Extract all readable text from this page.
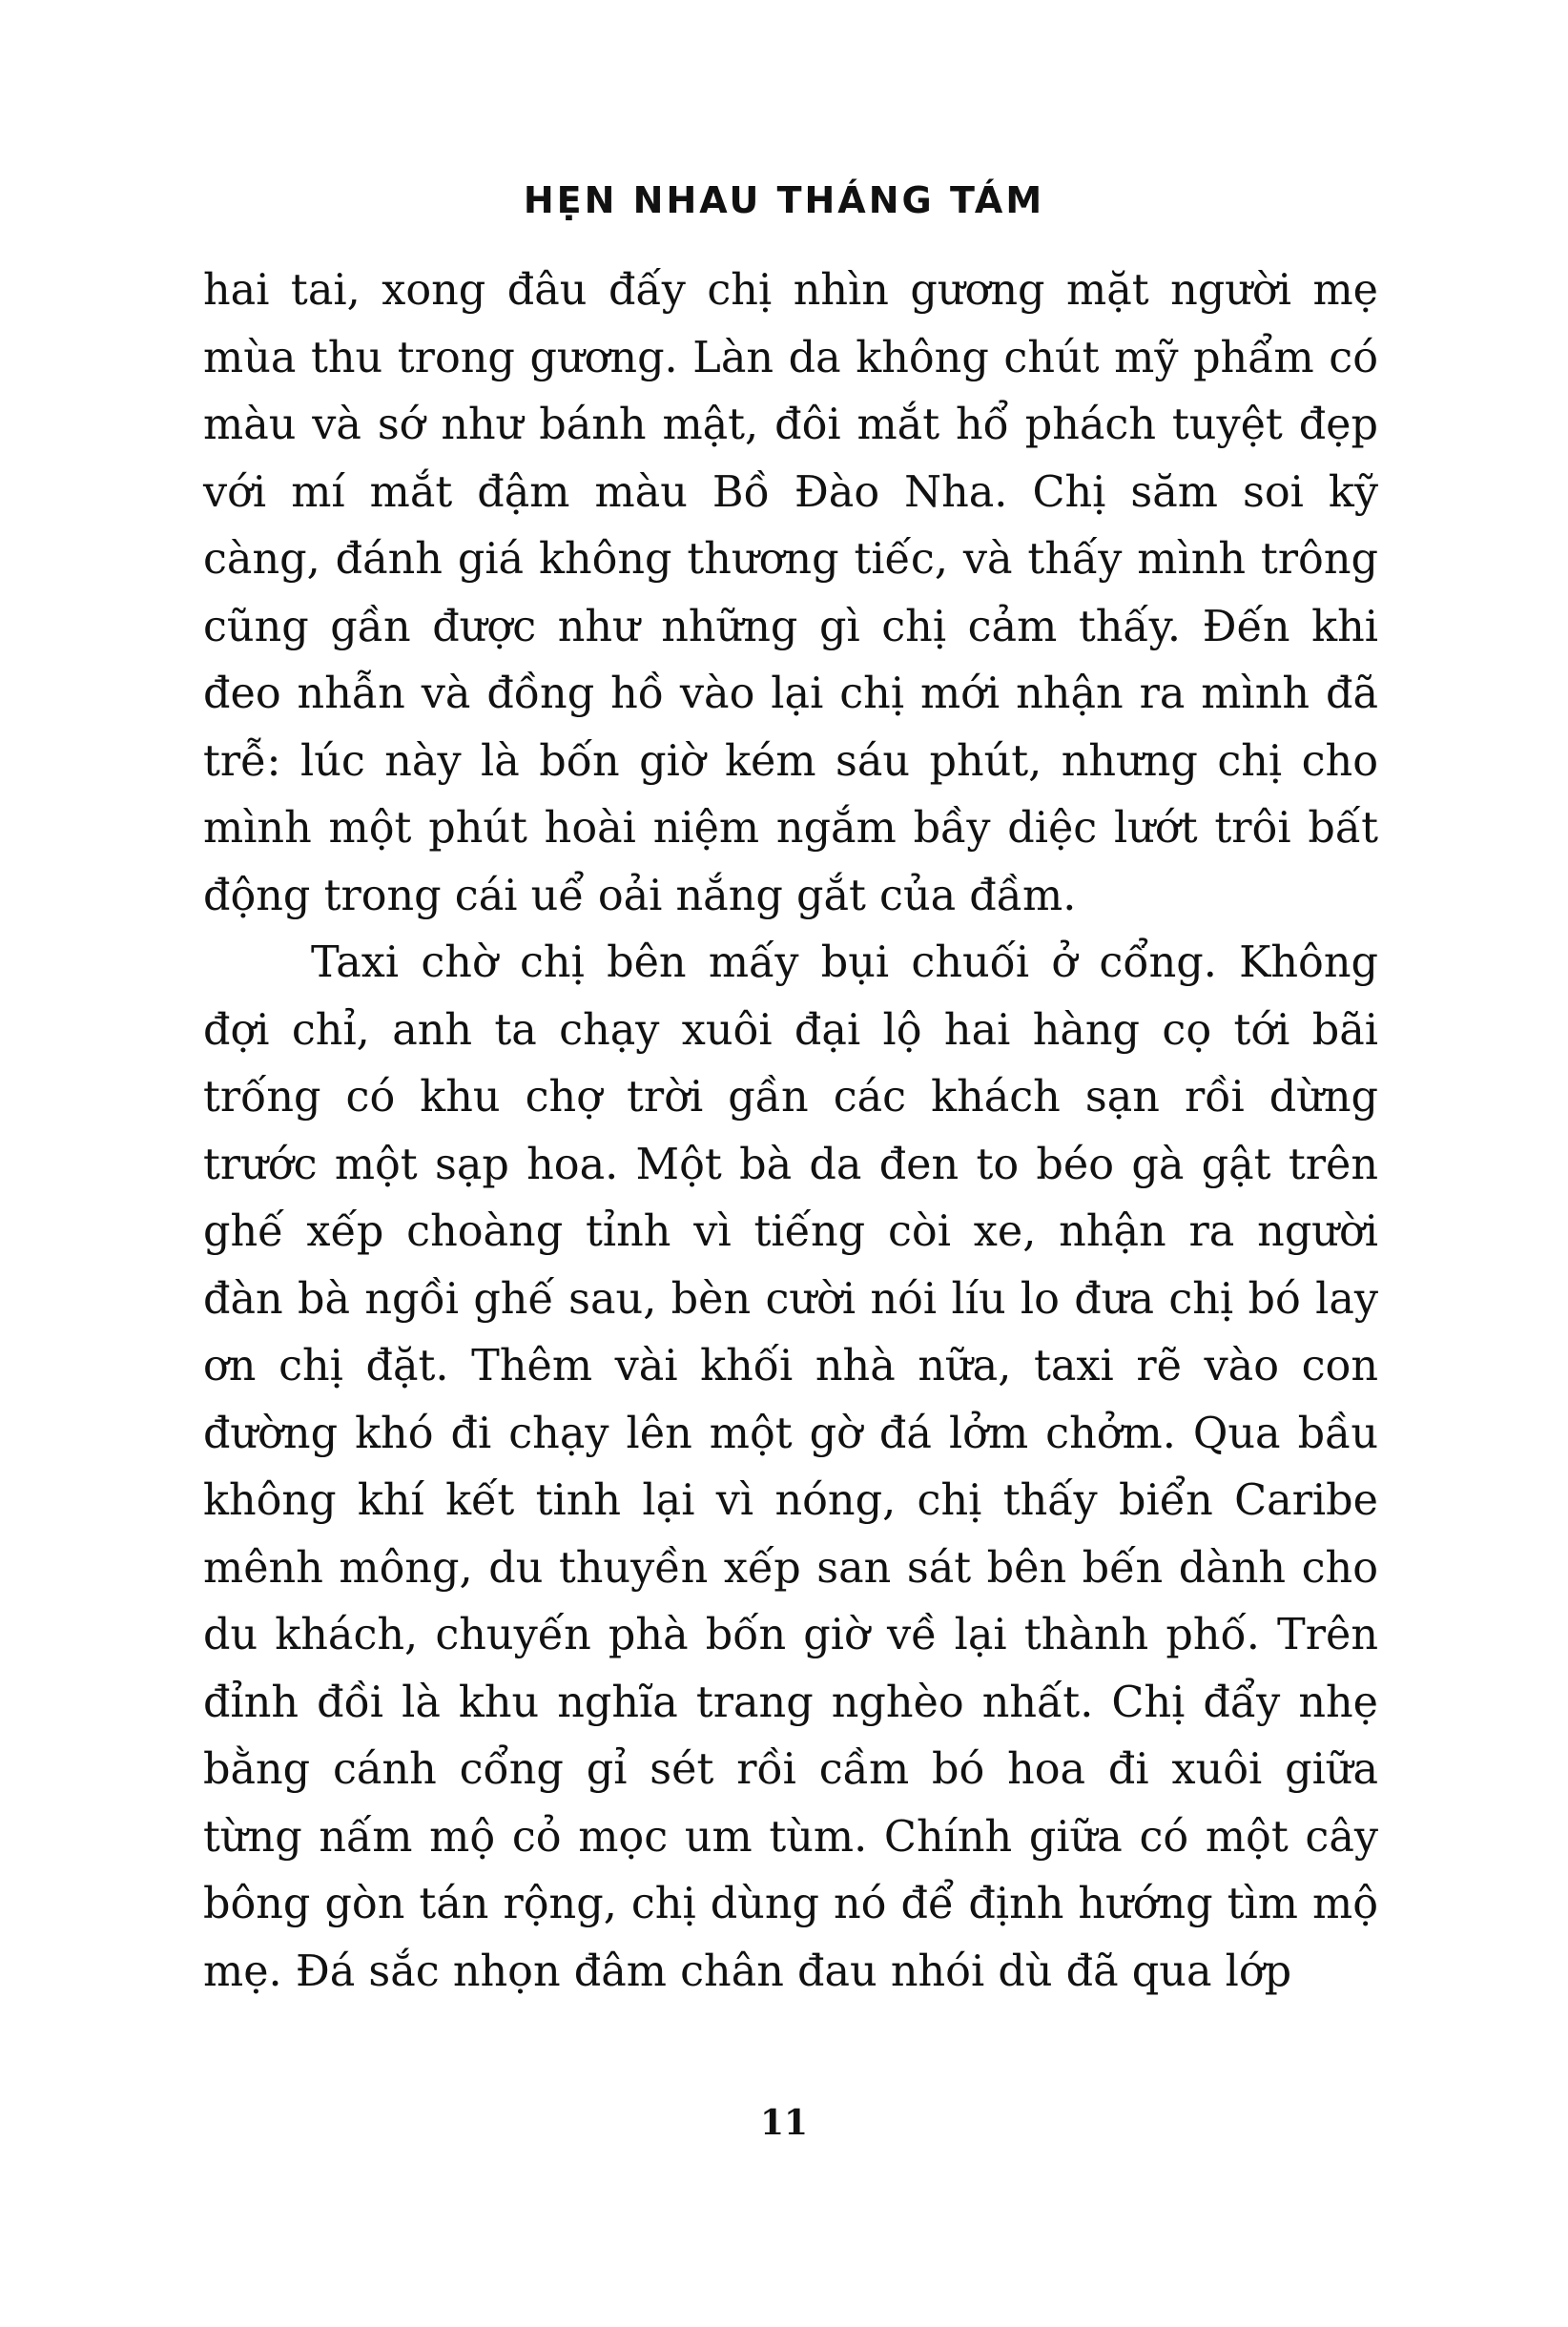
HẸN NHAU THÁNG TÁM

hai tai, xong đâu đấy chị nhìn gương mặt người mẹ mùa thu trong gương. Làn da không chút mỹ phẩm có màu và sớ như bánh mật, đôi mắt hổ phách tuyệt đẹp với mí mắt đậm màu Bồ Đào Nha. Chị săm soi kỹ càng, đánh giá không thương tiếc, và thấy mình trông cũng gần được như những gì chị cảm thấy. Đến khi đeo nhẫn và đồng hồ vào lại chị mới nhận ra mình đã trễ: lúc này là bốn giờ kém sáu phút, nhưng chị cho mình một phút hoài niệm ngắm bầy diệc lướt trôi bất động trong cái uể oải nắng gắt của đầm.

Taxi chờ chị bên mấy bụi chuối ở cổng. Không đợi chỉ, anh ta chạy xuôi đại lộ hai hàng cọ tới bãi trống có khu chợ trời gần các khách sạn rồi dừng trước một sạp hoa. Một bà da đen to béo gà gật trên ghế xếp choàng tỉnh vì tiếng còi xe, nhận ra người đàn bà ngồi ghế sau, bèn cười nói líu lo đưa chị bó lay ơn chị đặt. Thêm vài khối nhà nữa, taxi rẽ vào con đường khó đi chạy lên một gờ đá lởm chởm. Qua bầu không khí kết tinh lại vì nóng, chị thấy biển Caribe mênh mông, du thuyền xếp san sát bên bến dành cho du khách, chuyến phà bốn giờ về lại thành phố. Trên đỉnh đồi là khu nghĩa trang nghèo nhất. Chị đẩy nhẹ bằng cánh cổng gỉ sét rồi cầm bó hoa đi xuôi giữa từng nấm mộ cỏ mọc um tùm. Chính giữa có một cây bông gòn tán rộng, chị dùng nó để định hướng tìm mộ mẹ. Đá sắc nhọn đâm chân đau nhói dù đã qua lớp

11
